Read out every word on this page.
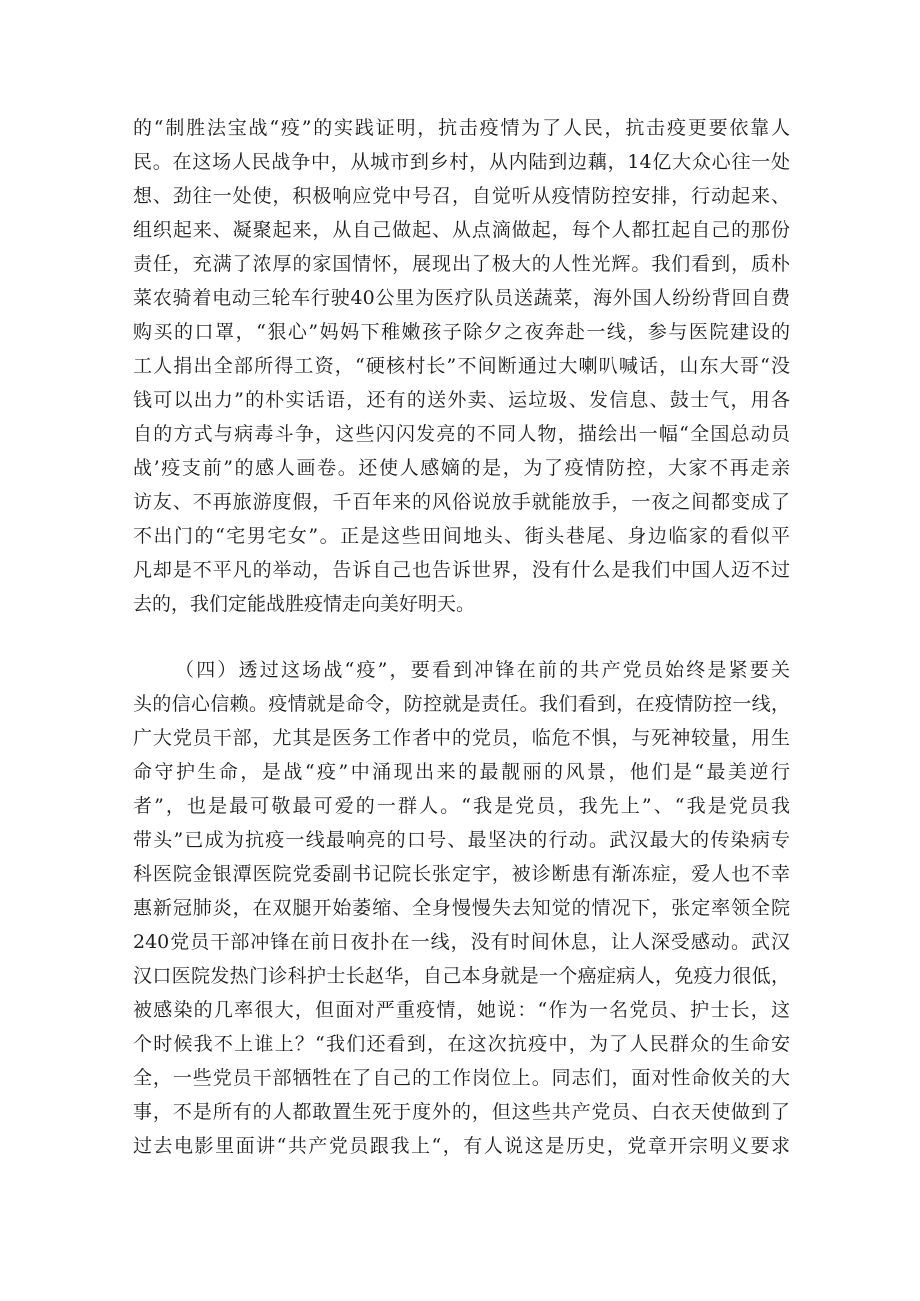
的“制胜法宝战“疫”的实践证明，抗击疫情为了人民，抗击疫更要依靠人
民。在这场人民战争中，从城市到乡村，从内陆到边藕，14亿大众心往一处
想、劲往一处使，积极响应党中号召，自觉听从疫情防控安排，行动起来、
组织起来、凝聚起来，从自己做起、从点滴做起，每个人都扛起自己的那份
责任，充满了浓厚的家国情怀，展现出了极大的人性光辉。我们看到，质朴
菜农骑着电动三轮车行驶40公里为医疗队员送蔬菜，海外国人纷纷背回自费
购买的口罩，“狠心”妈妈下稚嫩孩子除夕之夜奔赴一线，参与医院建设的
工人捐出全部所得工资，“硬核村长”不间断通过大喇叭喊话，山东大哥“没
钱可以出力”的朴实话语，还有的送外卖、运垃圾、发信息、鼓士气，用各
自的方式与病毒斗争，这些闪闪发亮的不同人物，描绘出一幅“全国总动员
战’疫支前”的感人画卷。还使人感嫡的是，为了疫情防控，大家不再走亲
访友、不再旅游度假，千百年来的风俗说放手就能放手，一夜之间都变成了
不出门的“宅男宅女”。正是这些田间地头、街头巷尾、身边临家的看似平
凡却是不平凡的举动，告诉自己也告诉世界，没有什么是我们中国人迈不过
去的，我们定能战胜疫情走向美好明天。
（四）透过这场战“疫”，要看到冲锋在前的共产党员始终是紧要关
头的信心信赖。疫情就是命令，防控就是责任。我们看到，在疫情防控一线，
广大党员干部，尤其是医务工作者中的党员，临危不惧，与死神较量，用生
命守护生命，是战“疫”中涌现出来的最靓丽的风景，他们是“最美逆行
者”，也是最可敬最可爱的一群人。“我是党员，我先上”、“我是党员我
带头”已成为抗疫一线最响亮的口号、最坚决的行动。武汉最大的传染病专
科医院金银潭医院党委副书记院长张定宇，被诊断患有渐冻症，爱人也不幸
惠新冠肺炎，在双腿开始萎缩、全身慢慢失去知觉的情况下，张定率领全院
240党员干部冲锋在前日夜扑在一线，没有时间休息，让人深受感动。武汉
汉口医院发热门诊科护士长赵华，自己本身就是一个癌症病人，免疫力很低，
被感染的几率很大，但面对严重疫情，她说：“作为一名党员、护士长，这
个时候我不上谁上？“我们还看到，在这次抗疫中，为了人民群众的生命安
全，一些党员干部牺牲在了自己的工作岗位上。同志们，面对性命攸关的大
事，不是所有的人都敢置生死于度外的，但这些共产党员、白衣天使做到了
过去电影里面讲“共产党员跟我上“，有人说这是历史，党章开宗明义要求
